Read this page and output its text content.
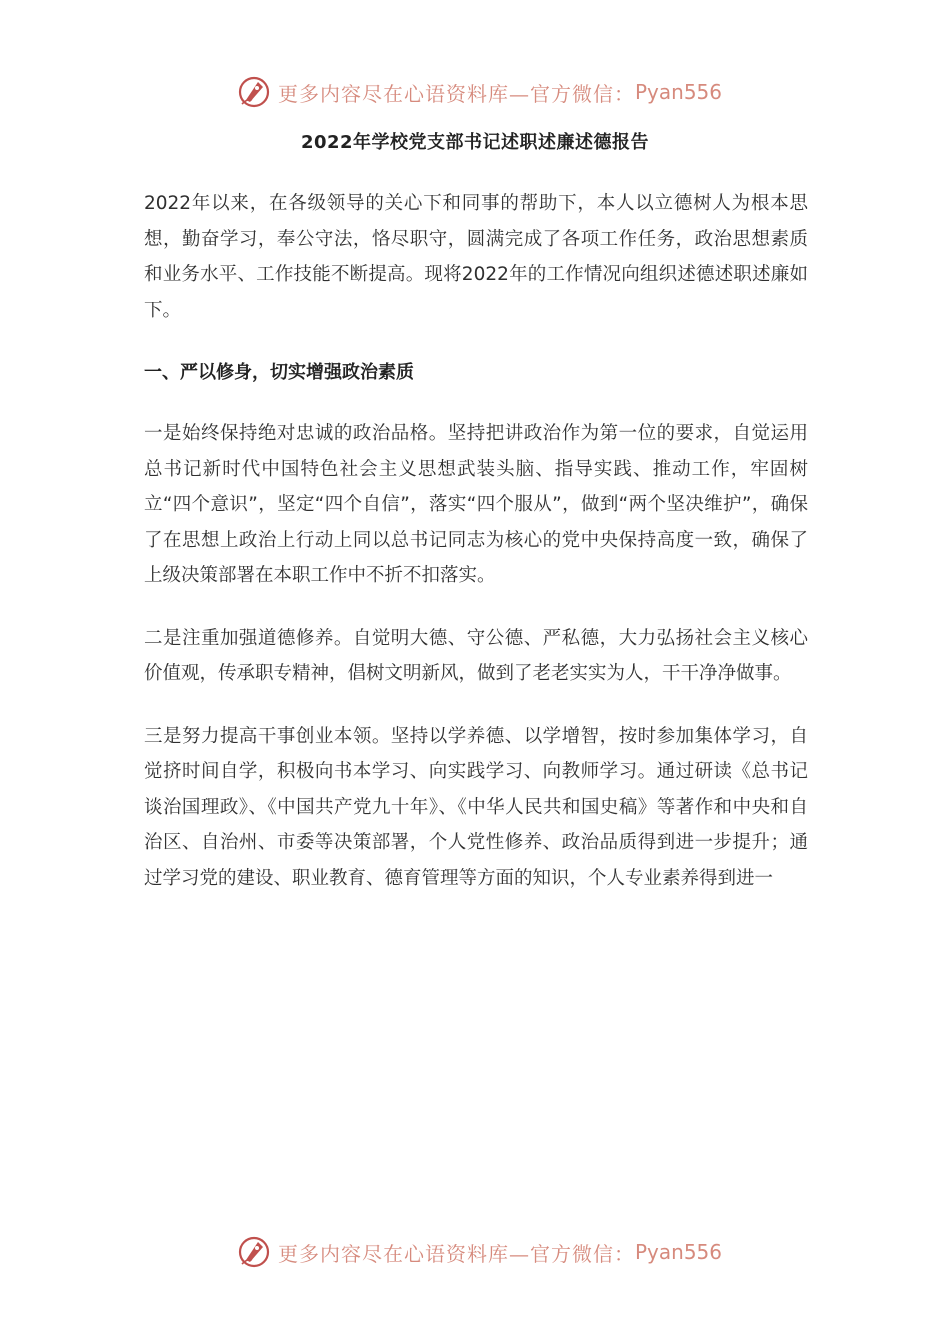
更多内容尽在心语资料库—官方微信： Pyan556
2022年学校党支部书记述职述廉述德报告

2022年以来，在各级领导的关心下和同事的帮助下，本人以立德树人为根本思想，勤奋学习，奉公守法，恪尽职守，圆满完成了各项工作任务，政治思想素质和业务水平、工作技能不断提高。现将2022年的工作情况向组织述德述职述廉如下。

一、严以修身，切实增强政治素质

一是始终保持绝对忠诚的政治品格。坚持把讲政治作为第一位的要求，自觉运用总书记新时代中国特色社会主义思想武装头脑、指导实践、推动工作，牢固树立“四个意识”，坚定“四个自信”，落实“四个服从”，做到“两个坚决维护”，确保了在思想上政治上行动上同以总书记同志为核心的党中央保持高度一致，确保了上级决策部署在本职工作中不折不扣落实。

二是注重加强道德修养。自觉明大德、守公德、严私德，大力弘扬社会主义核心价值观，传承职专精神，倡树文明新风，做到了老老实实为人，干干净净做事。

三是努力提高干事创业本领。坚持以学养德、以学增智，按时参加集体学习，自觉挤时间自学，积极向书本学习、向实践学习、向教师学习。通过研读《总书记谈治国理政》、《中国共产党九十年》、《中华人民共和国史稿》等著作和中央和自治区、自治州、市委等决策部署，个人党性修养、政治品质得到进一步提升；通过学习党的建设、职业教育、德育管理等方面的知识，个人专业素养得到进一

更多内容尽在心语资料库—官方微信： Pyan556
